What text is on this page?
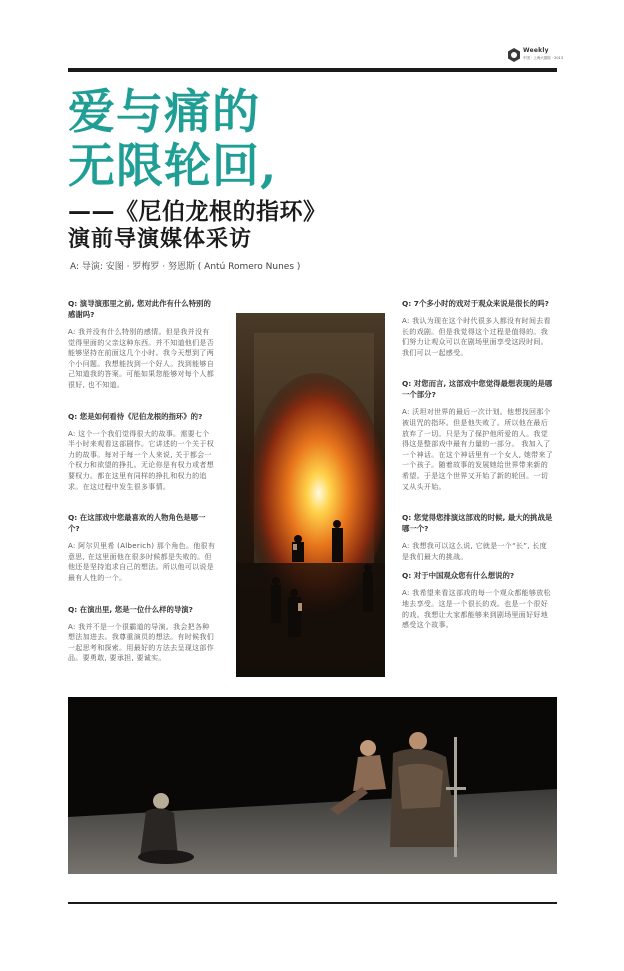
Weekly
中国 · 上海大剧院 · 2013
爱与痛的
无限轮回,
——《尼伯龙根的指环》
演前导演媒体采访
A: 导演: 安图 · 罗梅罗 · 努恩斯 ( Antú Romero Nunes )

Q: 演导演那里之前, 您对此作有什么特别的感谢吗?

A: 我并没有什么特别的感情。但是我并没有觉得里面的父亲这种东西。并不知道他们是否能够坚持在前面这几个小时。我今天想到了两个小问题。我想能找到一个好人。找到能够自己知道我的答案。可能如果您能够对每个人都很好, 也不知道。

Q: 您是如何看待《尼伯龙根的指环》的?

A: 这个一个我们觉得很大的故事。需要七个半小时来观看这部剧作。它讲述的一个关于权力的故事。每对于每一个人来说, 关于都会一个权力和欲望的挣扎。无论你是有权力或者想要权力。都在这里有同样的挣扎和权力的追求。在这过程中发生很多事情。

Q: 在这部戏中您最喜欢的人物角色是哪一个?

A: 阿尔贝里希 (Alberich) 那个角色。他很有意思, 在这里面他在很多时候都是失败的。但他还是坚持追求自己的想法。所以他可以说是最有人性的一个。

Q: 在演出里, 您是一位什么样的导演?

A: 我并不是一个很霸道的导演。我会把各种想法加进去。我尊重演员的想法。有时候我们一起思考和探索。用最好的方法去呈现这部作品。要勇敢, 要承担, 要诚实。

Q: 7个多小时的戏对于观众来说是很长的吗?

A: 我认为现在这个时代很多人都没有时间去看长的戏剧。但是我觉得这个过程是值得的。我们努力让观众可以在剧场里面享受这段时间。我们可以一起感受。

Q: 对您而言, 这部戏中您觉得最想表现的是哪一个部分?

A: 沃坦对世界的最后一次计划。他想找回那个被诅咒的指环。但是他失败了。所以他在最后放弃了一切。只是为了保护他所爱的人。我觉得这是整部戏中最有力量的一部分。 我加入了一个神话。在这个神话里有一个女人, 她带来了一个孩子。随着故事的发展她给世界带来新的希望。于是这个世界又开始了新的轮回。一切又从头开始。

Q: 您觉得您排演这部戏的时候, 最大的挑战是哪一个?

A: 我想我可以这么说, 它就是一个“长”, 长度是我们最大的挑战。

Q: 对于中国观众您有什么想说的?

A: 我希望来看这部戏的每一个观众都能够放松地去享受。这是一个很长的戏。也是一个很好的戏。我想让大家都能够来到剧场里面好好地感受这个故事。
